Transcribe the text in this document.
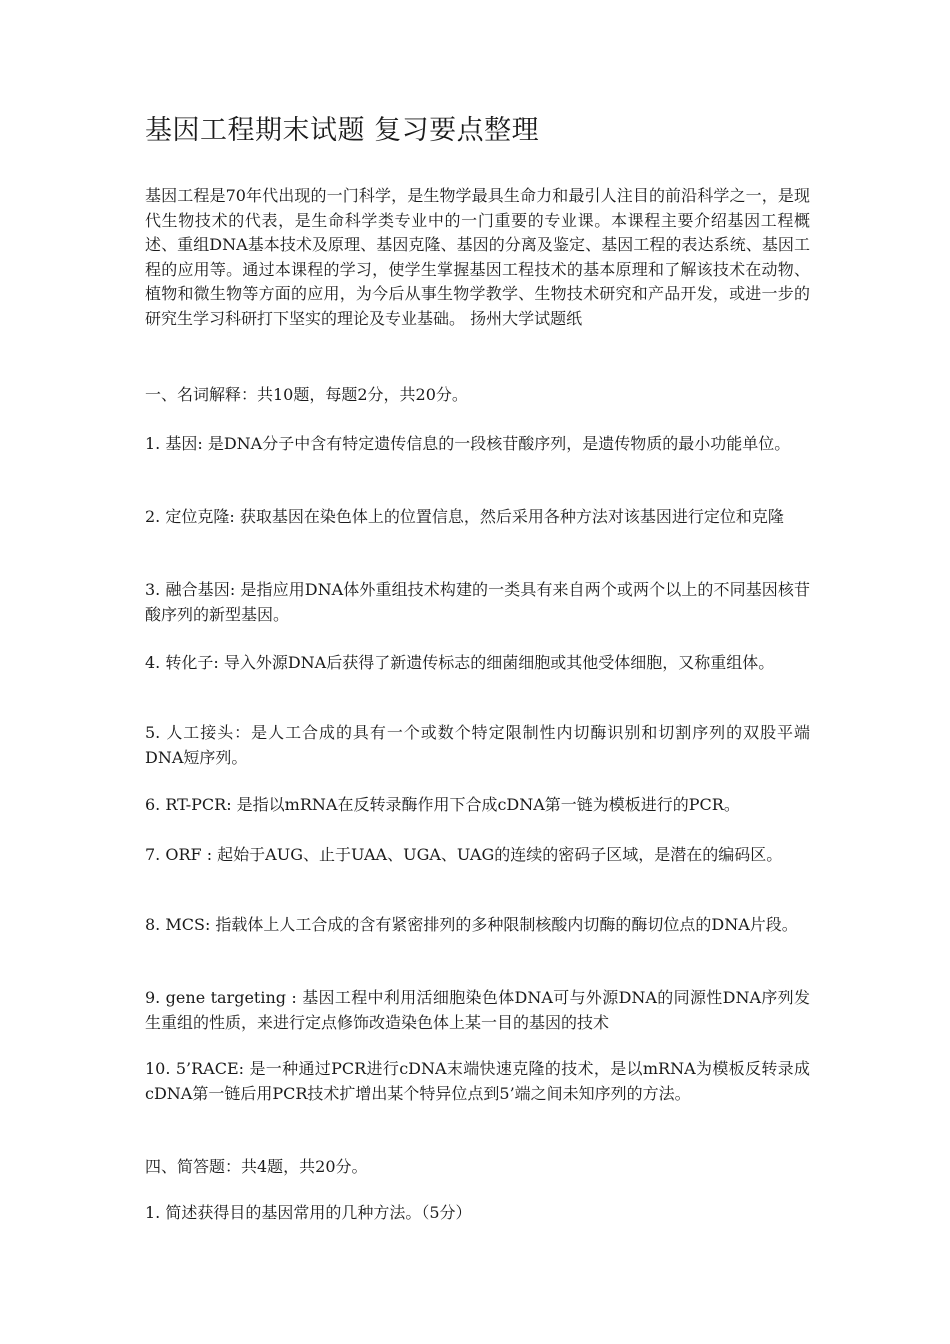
基因工程期末试题 复习要点整理

基因工程是70年代出现的一门科学，是生物学最具生命力和最引人注目的前沿科学之一，是现代生物技术的代表，是生命科学类专业中的一门重要的专业课。本课程主要介绍基因工程概述、重组DNA基本技术及原理、基因克隆、基因的分离及鉴定、基因工程的表达系统、基因工程的应用等。通过本课程的学习，使学生掌握基因工程技术的基本原理和了解该技术在动物、植物和微生物等方面的应用，为今后从事生物学教学、生物技术研究和产品开发，或进一步的研究生学习科研打下坚实的理论及专业基础。 扬州大学试题纸

一、名词解释：共10题，每题2分，共20分。

1. 基因: 是DNA分子中含有特定遗传信息的一段核苷酸序列，是遗传物质的最小功能单位。

2. 定位克隆: 获取基因在染色体上的位置信息，然后采用各种方法对该基因进行定位和克隆

3. 融合基因: 是指应用DNA体外重组技术构建的一类具有来自两个或两个以上的不同基因核苷酸序列的新型基因。

4. 转化子: 导入外源DNA后获得了新遗传标志的细菌细胞或其他受体细胞，又称重组体。

5. 人工接头：是人工合成的具有一个或数个特定限制性内切酶识别和切割序列的双股平端DNA短序列。

6. RT-PCR: 是指以mRNA在反转录酶作用下合成cDNA第一链为模板进行的PCR。

7. ORF : 起始于AUG、止于UAA、UGA、UAG的连续的密码子区域，是潜在的编码区。

8. MCS: 指载体上人工合成的含有紧密排列的多种限制核酸内切酶的酶切位点的DNA片段。

9. gene targeting : 基因工程中利用活细胞染色体DNA可与外源DNA的同源性DNA序列发生重组的性质，来进行定点修饰改造染色体上某一目的基因的技术

10. 5’RACE: 是一种通过PCR进行cDNA末端快速克隆的技术，是以mRNA为模板反转录成cDNA第一链后用PCR技术扩增出某个特异位点到5’端之间未知序列的方法。

四、简答题：共4题，共20分。

1. 简述获得目的基因常用的几种方法。（5分）
